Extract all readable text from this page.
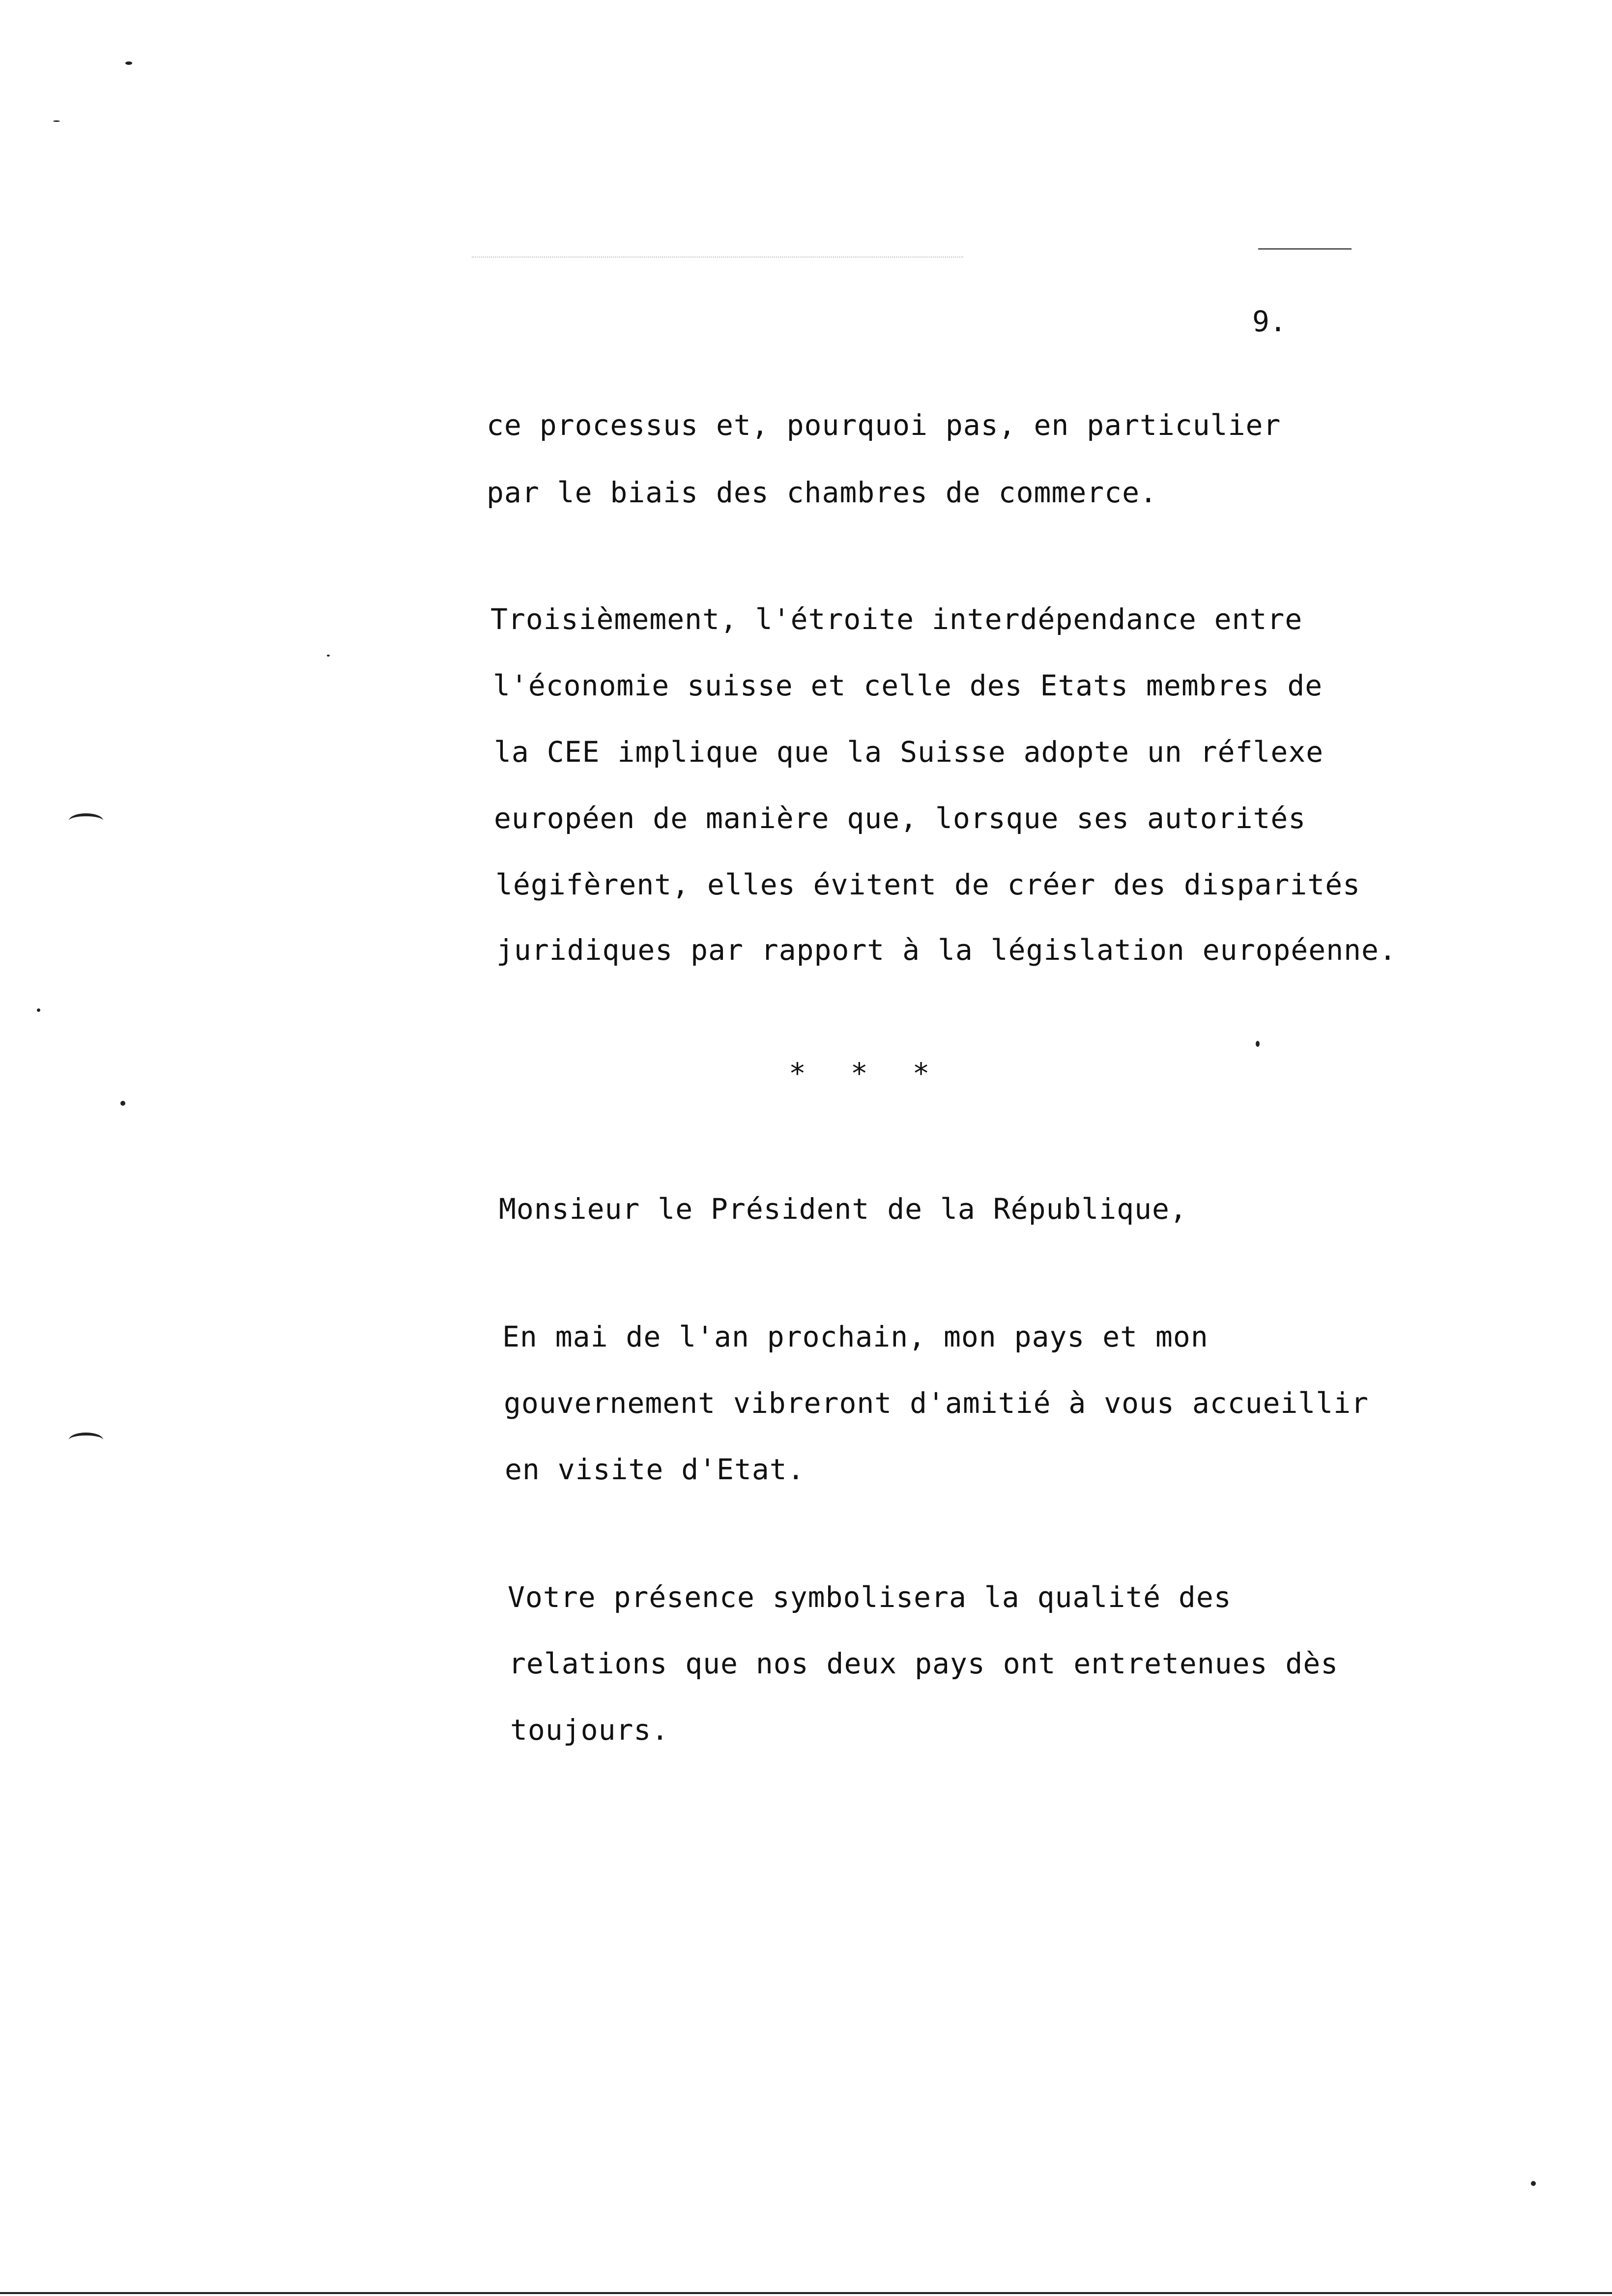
9.
ce processus et, pourquoi pas, en particulier
par le biais des chambres de commerce.
Troisièmement, l'étroite interdépendance entre
l'économie suisse et celle des Etats membres de
la CEE implique que la Suisse adopte un réflexe
européen de manière que, lorsque ses autorités
légifèrent, elles évitent de créer des disparités
juridiques par rapport à la législation européenne.
* * *
Monsieur le Président de la République,
En mai de l'an prochain, mon pays et mon
gouvernement vibreront d'amitié à vous accueillir
en visite d'Etat.
Votre présence symbolisera la qualité des
relations que nos deux pays ont entretenues dès
toujours.
